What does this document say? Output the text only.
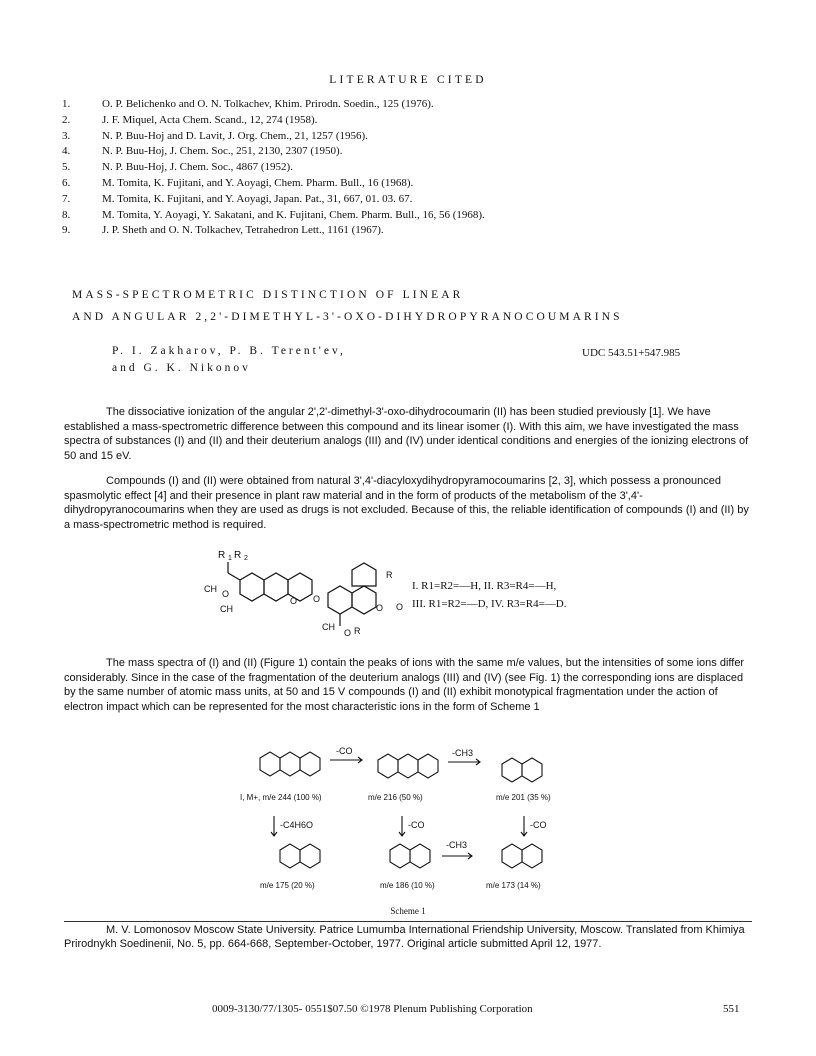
LITERATURE CITED
1.	O. P. Belichenko and O. N. Tolkachev, Khim. Prirodn. Soedin., 125 (1976).
2.	J. F. Miquel, Acta Chem. Scand., 12, 274 (1958).
3.	N. P. Buu-Hoj and D. Lavit, J. Org. Chem., 21, 1257 (1956).
4.	N. P. Buu-Hoj, J. Chem. Soc., 251, 2130, 2307 (1950).
5.	N. P. Buu-Hoj, J. Chem. Soc., 4867 (1952).
6.	M. Tomita, K. Fujitani, and Y. Aoyagi, Chem. Pharm. Bull., 16 (1968).
7.	M. Tomita, K. Fujitani, and Y. Aoyagi, Japan. Pat., 31, 667, 01. 03. 67.
8.	M. Tomita, Y. Aoyagi, Y. Sakatani, and K. Fujitani, Chem. Pharm. Bull., 16, 56 (1968).
9.	J. P. Sheth and O. N. Tolkachev, Tetrahedron Lett., 1161 (1967).
MASS-SPECTROMETRIC DISTINCTION OF LINEAR
AND ANGULAR 2,2'-DIMETHYL-3'-OXO-DIHYDROPYRANOCOUMARINS
P. I. Zakharov, P. B. Terent'ev,
and G. K. Nikonov
UDC 543.51+547.985

The dissociative ionization of the angular 2',2'-dimethyl-3'-oxo-dihydrocoumarin (II) has been studied previously [1]. We have established a mass-spectrometric difference between this compound and its linear isomer (I). With this aim, we have investigated the mass spectra of substances (I) and (II) and their deuterium analogs (III) and (IV) under identical conditions and energies of the ionizing electrons of 50 and 15 eV.

Compounds (I) and (II) were obtained from natural 3',4'-diacyloxydihydropyramocoumarins [2, 3], which possess a pronounced spasmolytic effect [4] and their presence in plant raw material and in the form of products of the metabolism of the 3',4'-dihydropyranocoumarins when they are used as drugs is not excluded. Because of this, the reliable identification of compounds (I) and (II) by a mass-spectrometric method is required.

R 1 R 2
CH O
CH
O O
O O
CH
O R
R
I. R1=R2=—H, II. R3=R4=—H,
III. R1=R2=—D, IV. R3=R4=—D.

The mass spectra of (I) and (II) (Figure 1) contain the peaks of ions with the same m/e values, but the intensities of some ions differ considerably. Since in the case of the fragmentation of the deuterium analogs (III) and (IV) (see Fig. 1) the corresponding ions are displaced by the same number of atomic mass units, at 50 and 15 V compounds (I) and (II) exhibit monotypical fragmentation under the action of electron impact which can be represented for the most characteristic ions in the form of Scheme 1

-CO	-CH3
-C4H6O	-CO
-CH3
-CO
I, M+, m/e 244 (100 %)	m/e 216 (50 %)	m/e 201 (35 %)
m/e 175 (20 %)	m/e 186 (10 %)	m/e 173 (14 %)
Scheme 1
M. V. Lomonosov Moscow State University. Patrice Lumumba International Friendship University, Moscow. Translated from Khimiya Prirodnykh Soedinenii, No. 5, pp. 664-668, September-October, 1977. Original article submitted April 12, 1977.
0009-3130/77/1305- 0551$07.50 ©1978 Plenum Publishing Corporation	551
